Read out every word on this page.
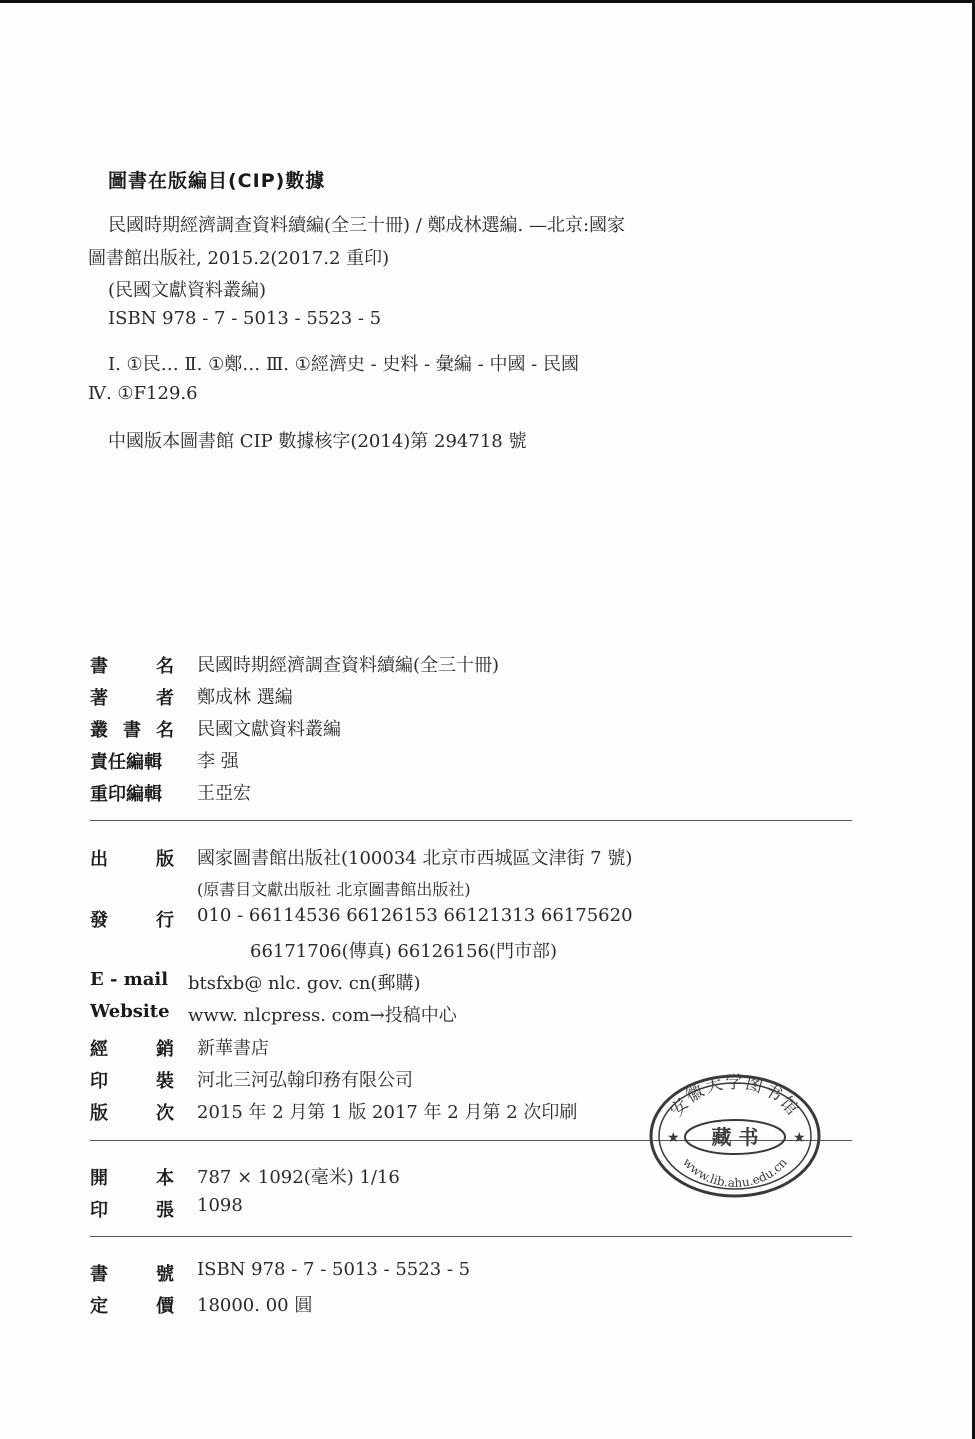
圖書在版編目(CIP)數據
民國時期經濟調查資料續編(全三十冊) / 鄭成林選編. —北京:國家
圖書館出版社, 2015.2(2017.2 重印)
(民國文獻資料叢編)
ISBN 978 - 7 - 5013 - 5523 - 5
Ⅰ. ①民… Ⅱ. ①鄭… Ⅲ. ①經濟史 - 史料 - 彙編 - 中國 - 民國
Ⅳ. ①F129.6
中國版本圖書館 CIP 數據核字(2014)第 294718 號
書	名 民國時期經濟調查資料續編(全三十冊)
著	者 鄭成林 選編
叢 書 名 民國文獻資料叢編
責任編輯 李 强
重印編輯 王亞宏
出	版 國家圖書館出版社(100034 北京市西城區文津街 7 號)
(原書目文獻出版社 北京圖書館出版社)
發	行 010 - 66114536 66126153 66121313 66175620
66171706(傳真) 66126156(門市部)
E - mail btsfxb@ nlc. gov. cn(郵購)
Website www. nlcpress. com→投稿中心
經	銷 新華書店
印	裝 河北三河弘翰印務有限公司
版	次 2015 年 2 月第 1 版 2017 年 2 月第 2 次印刷
開	本 787 × 1092(毫米) 1/16
印	張 1098
書	號 ISBN 978 - 7 - 5013 - 5523 - 5
定	價 18000. 00 圓
安徽大学图书馆
藏 书
★	★
www.lib.ahu.edu.cn
